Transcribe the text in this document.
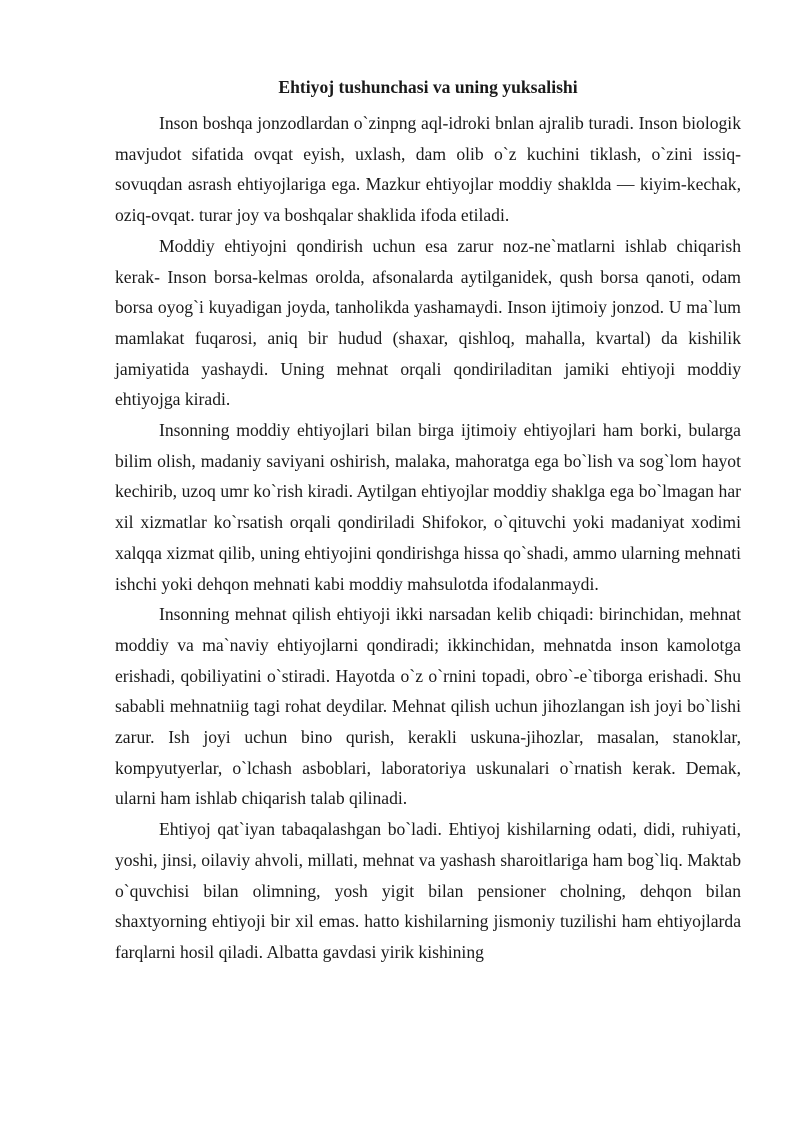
Ehtiyoj tushunchasi va uning yuksalishi

Inson boshqa jonzodlardan o`zinpng aql-idroki bnlan ajralib turadi. Inson biologik mavjudot sifatida ovqat eyish, uxlash, dam olib o`z kuchini tiklash, o`zini issiq-sovuqdan asrash ehtiyojlariga ega. Mazkur ehtiyojlar moddiy shaklda — kiyim-kechak, oziq-ovqat. turar joy va boshqalar shaklida ifoda etiladi.

Moddiy ehtiyojni qondirish uchun esa zarur noz-ne`matlarni ishlab chiqarish kerak- Inson borsa-kelmas orolda, afsonalarda aytilganidek, qush borsa qanoti, odam borsa oyog`i kuyadigan joyda, tanholikda yashamaydi. Inson ijtimoiy jonzod. U ma`lum mamlakat fuqarosi, aniq bir hudud (shaxar, qishloq, mahalla, kvartal) da kishilik jamiyatida yashaydi. Uning mehnat orqali qondiriladitan jamiki ehtiyoji moddiy ehtiyojga kiradi.

Insonning moddiy ehtiyojlari bilan birga ijtimoiy ehtiyojlari ham borki, bularga bilim olish, madaniy saviyani oshirish, malaka, mahoratga ega bo`lish va sog`lom hayot kechirib, uzoq umr ko`rish kiradi. Aytilgan ehtiyojlar moddiy shaklga ega bo`lmagan har xil xizmatlar ko`rsatish orqali qondiriladi Shifokor, o`qituvchi yoki madaniyat xodimi xalqqa xizmat qilib, uning ehtiyojini qondirishga hissa qo`shadi, ammo ularning mehnati ishchi yoki dehqon mehnati kabi moddiy mahsulotda ifodalanmaydi.

Insonning mehnat qilish ehtiyoji ikki narsadan kelib chiqadi: birinchidan, mehnat moddiy va ma`naviy ehtiyojlarni qondiradi; ikkinchidan, mehnatda inson kamolotga erishadi, qobiliyatini o`stiradi. Hayotda o`z o`rnini topadi, obro`-e`tiborga erishadi. Shu sababli mehnatniig tagi rohat deydilar. Mehnat qilish uchun jihozlangan ish joyi bo`lishi zarur. Ish joyi uchun bino qurish, kerakli uskuna-jihozlar, masalan, stanoklar, kompyutyerlar, o`lchash asboblari, laboratoriya uskunalari o`rnatish kerak. Demak, ularni ham ishlab chiqarish talab qilinadi.

Ehtiyoj qat`iyan tabaqalashgan bo`ladi. Ehtiyoj kishilarning odati, didi, ruhiyati, yoshi, jinsi, oilaviy ahvoli, millati, mehnat va yashash sharoitlariga ham bog`liq. Maktab o`quvchisi bilan olimning, yosh yigit bilan pensioner cholning, dehqon bilan shaxtyorning ehtiyoji bir xil emas. hatto kishilarning jismoniy tuzilishi ham ehtiyojlarda farqlarni hosil qiladi. Albatta gavdasi yirik kishining
